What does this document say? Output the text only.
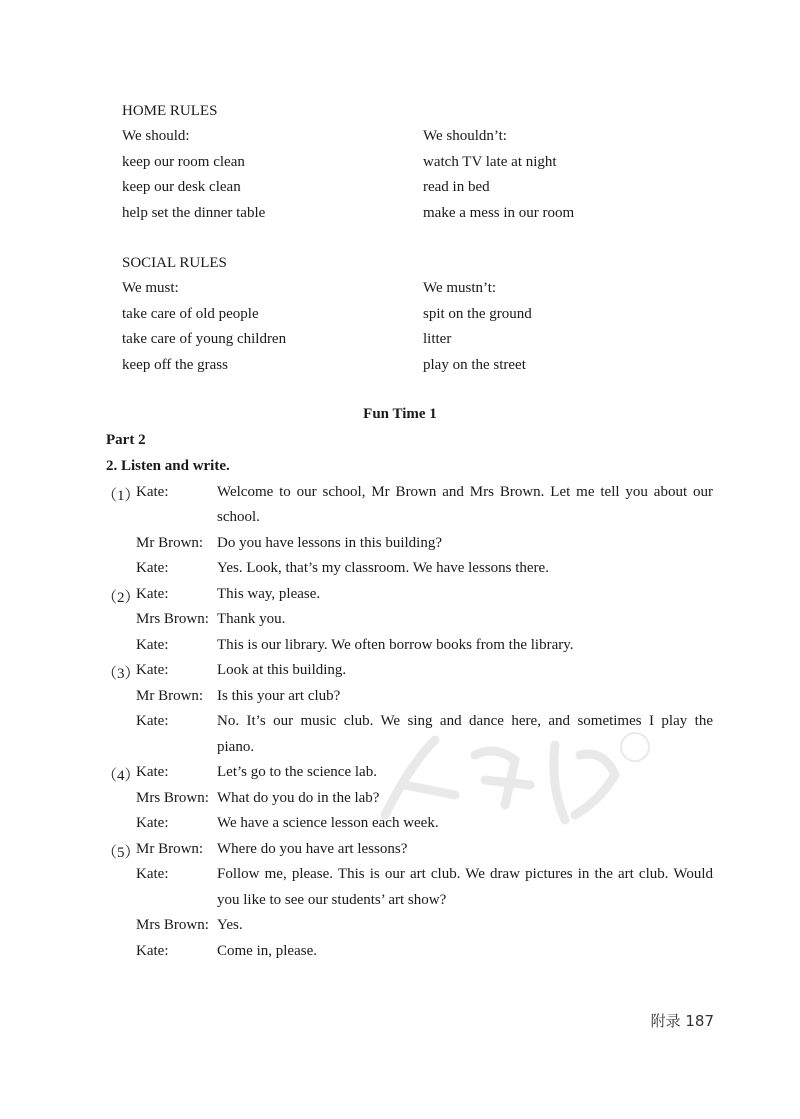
HOME RULES
We should:	We shouldn’t:
keep our room clean	watch TV late at night
keep our desk clean	read in bed
help set the dinner table	make a mess in our room
SOCIAL RULES
We must:	We mustn’t:
take care of old people	spit on the ground
take care of young children	litter
keep off the grass	play on the street
Fun Time 1
Part 2
2. Listen and write.
（1）
Kate:	Welcome to our school, Mr Brown and Mrs Brown. Let me tell you about our
school.
Mr Brown: Do you have lessons in this building?
Kate:	Yes. Look, that’s my classroom. We have lessons there.
（2）
Kate:	This way, please.
Mrs Brown: Thank you.
Kate:	This is our library. We often borrow books from the library.
（3）
Kate:	Look at this building.
Mr Brown: Is this your art club?
Kate:	No. It’s our music club. We sing and dance here, and sometimes I play the
piano.
（4）
Kate:	Let’s go to the science lab.
Mrs Brown: What do you do in the lab?
Kate:	We have a science lesson each week.
（5）
Mr Brown: Where do you have art lessons?
Kate:	Follow me, please. This is our art club. We draw pictures in the art club. Would
you like to see our students’ art show?
Mrs Brown: Yes.
Kate:	Come in, please.
附录 187
